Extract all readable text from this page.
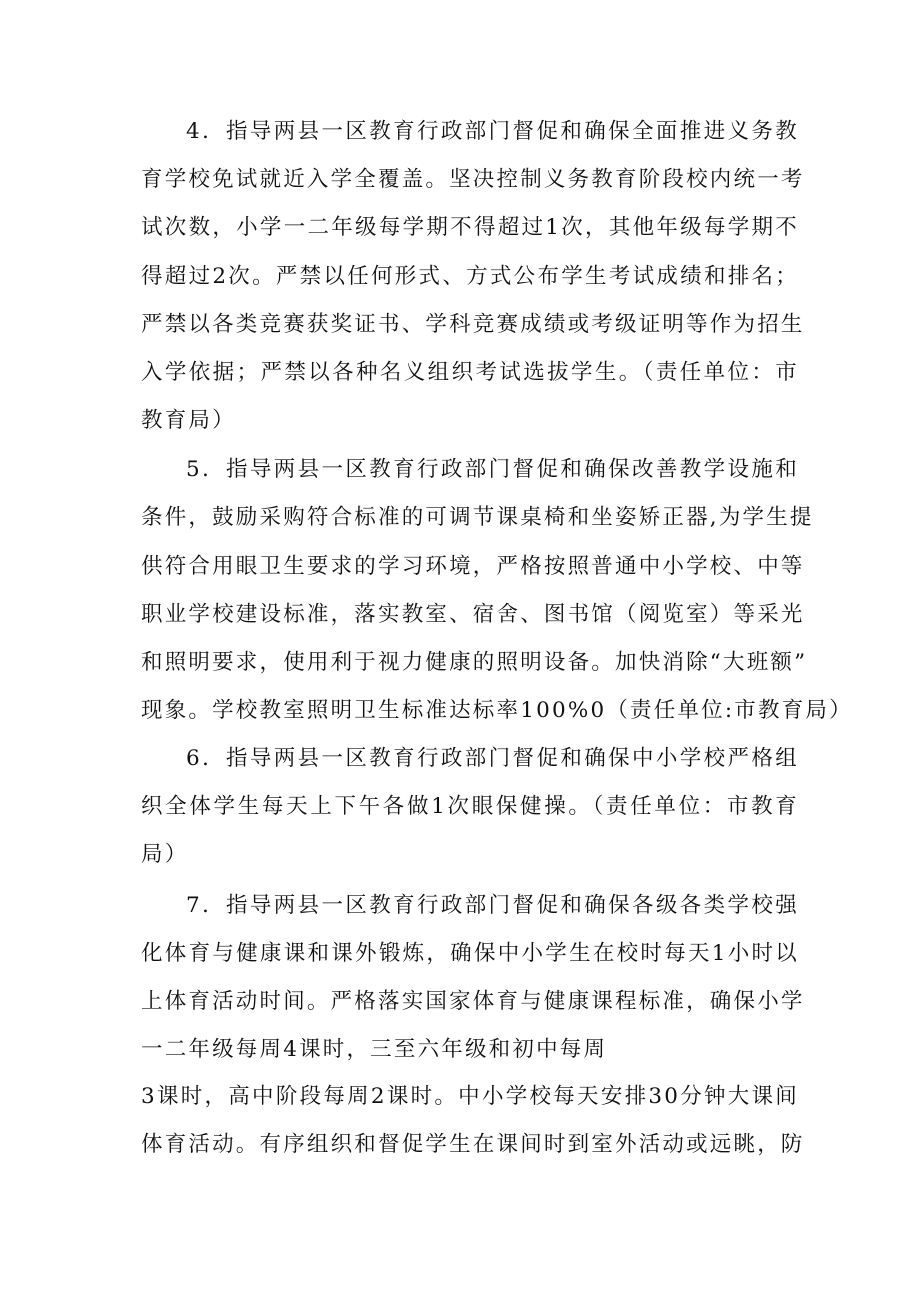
4．指导两县一区教育行政部门督促和确保全面推进义务教
育学校免试就近入学全覆盖。坚决控制义务教育阶段校内统一考
试次数，小学一二年级每学期不得超过1次，其他年级每学期不
得超过2次。严禁以任何形式、方式公布学生考试成绩和排名；
严禁以各类竞赛获奖证书、学科竞赛成绩或考级证明等作为招生
入学依据；严禁以各种名义组织考试选拔学生。（责任单位：市
教育局）
5．指导两县一区教育行政部门督促和确保改善教学设施和
条件，鼓励采购符合标准的可调节课桌椅和坐姿矫正器,为学生提
供符合用眼卫生要求的学习环境，严格按照普通中小学校、中等
职业学校建设标准，落实教室、宿舍、图书馆（阅览室）等采光
和照明要求，使用利于视力健康的照明设备。加快消除“大班额”
现象。学校教室照明卫生标准达标率100%0（责任单位:市教育局）
6．指导两县一区教育行政部门督促和确保中小学校严格组
织全体学生每天上下午各做1次眼保健操。（责任单位：市教育
局）
7．指导两县一区教育行政部门督促和确保各级各类学校强
化体育与健康课和课外锻炼，确保中小学生在校时每天1小时以
上体育活动时间。严格落实国家体育与健康课程标准，确保小学
一二年级每周4课时，三至六年级和初中每周
3课时，高中阶段每周2课时。中小学校每天安排30分钟大课间
体育活动。有序组织和督促学生在课间时到室外活动或远眺，防
